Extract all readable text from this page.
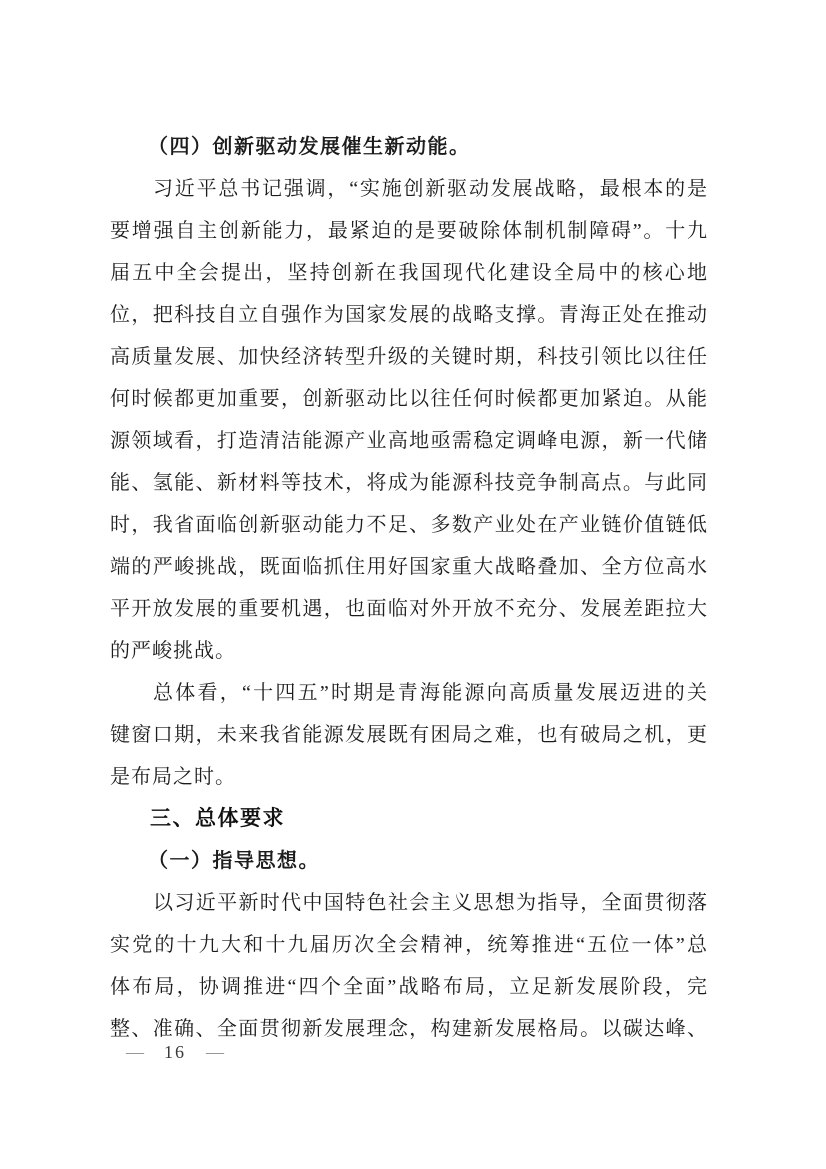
（四）创新驱动发展催生新动能。
习近平总书记强调，“实施创新驱动发展战略，最根本的是
要增强自主创新能力，最紧迫的是要破除体制机制障碍”。十九
届五中全会提出，坚持创新在我国现代化建设全局中的核心地
位，把科技自立自强作为国家发展的战略支撑。青海正处在推动
高质量发展、加快经济转型升级的关键时期，科技引领比以往任
何时候都更加重要，创新驱动比以往任何时候都更加紧迫。从能
源领域看，打造清洁能源产业高地亟需稳定调峰电源，新一代储
能、氢能、新材料等技术，将成为能源科技竞争制高点。与此同
时，我省面临创新驱动能力不足、多数产业处在产业链价值链低
端的严峻挑战，既面临抓住用好国家重大战略叠加、全方位高水
平开放发展的重要机遇，也面临对外开放不充分、发展差距拉大
的严峻挑战。
总体看，“十四五”时期是青海能源向高质量发展迈进的关
键窗口期，未来我省能源发展既有困局之难，也有破局之机，更
是布局之时。
三、总体要求
（一）指导思想。
以习近平新时代中国特色社会主义思想为指导，全面贯彻落
实党的十九大和十九届历次全会精神，统筹推进“五位一体”总
体布局，协调推进“四个全面”战略布局，立足新发展阶段，完
整、准确、全面贯彻新发展理念，构建新发展格局。以碳达峰、
— 16 —
